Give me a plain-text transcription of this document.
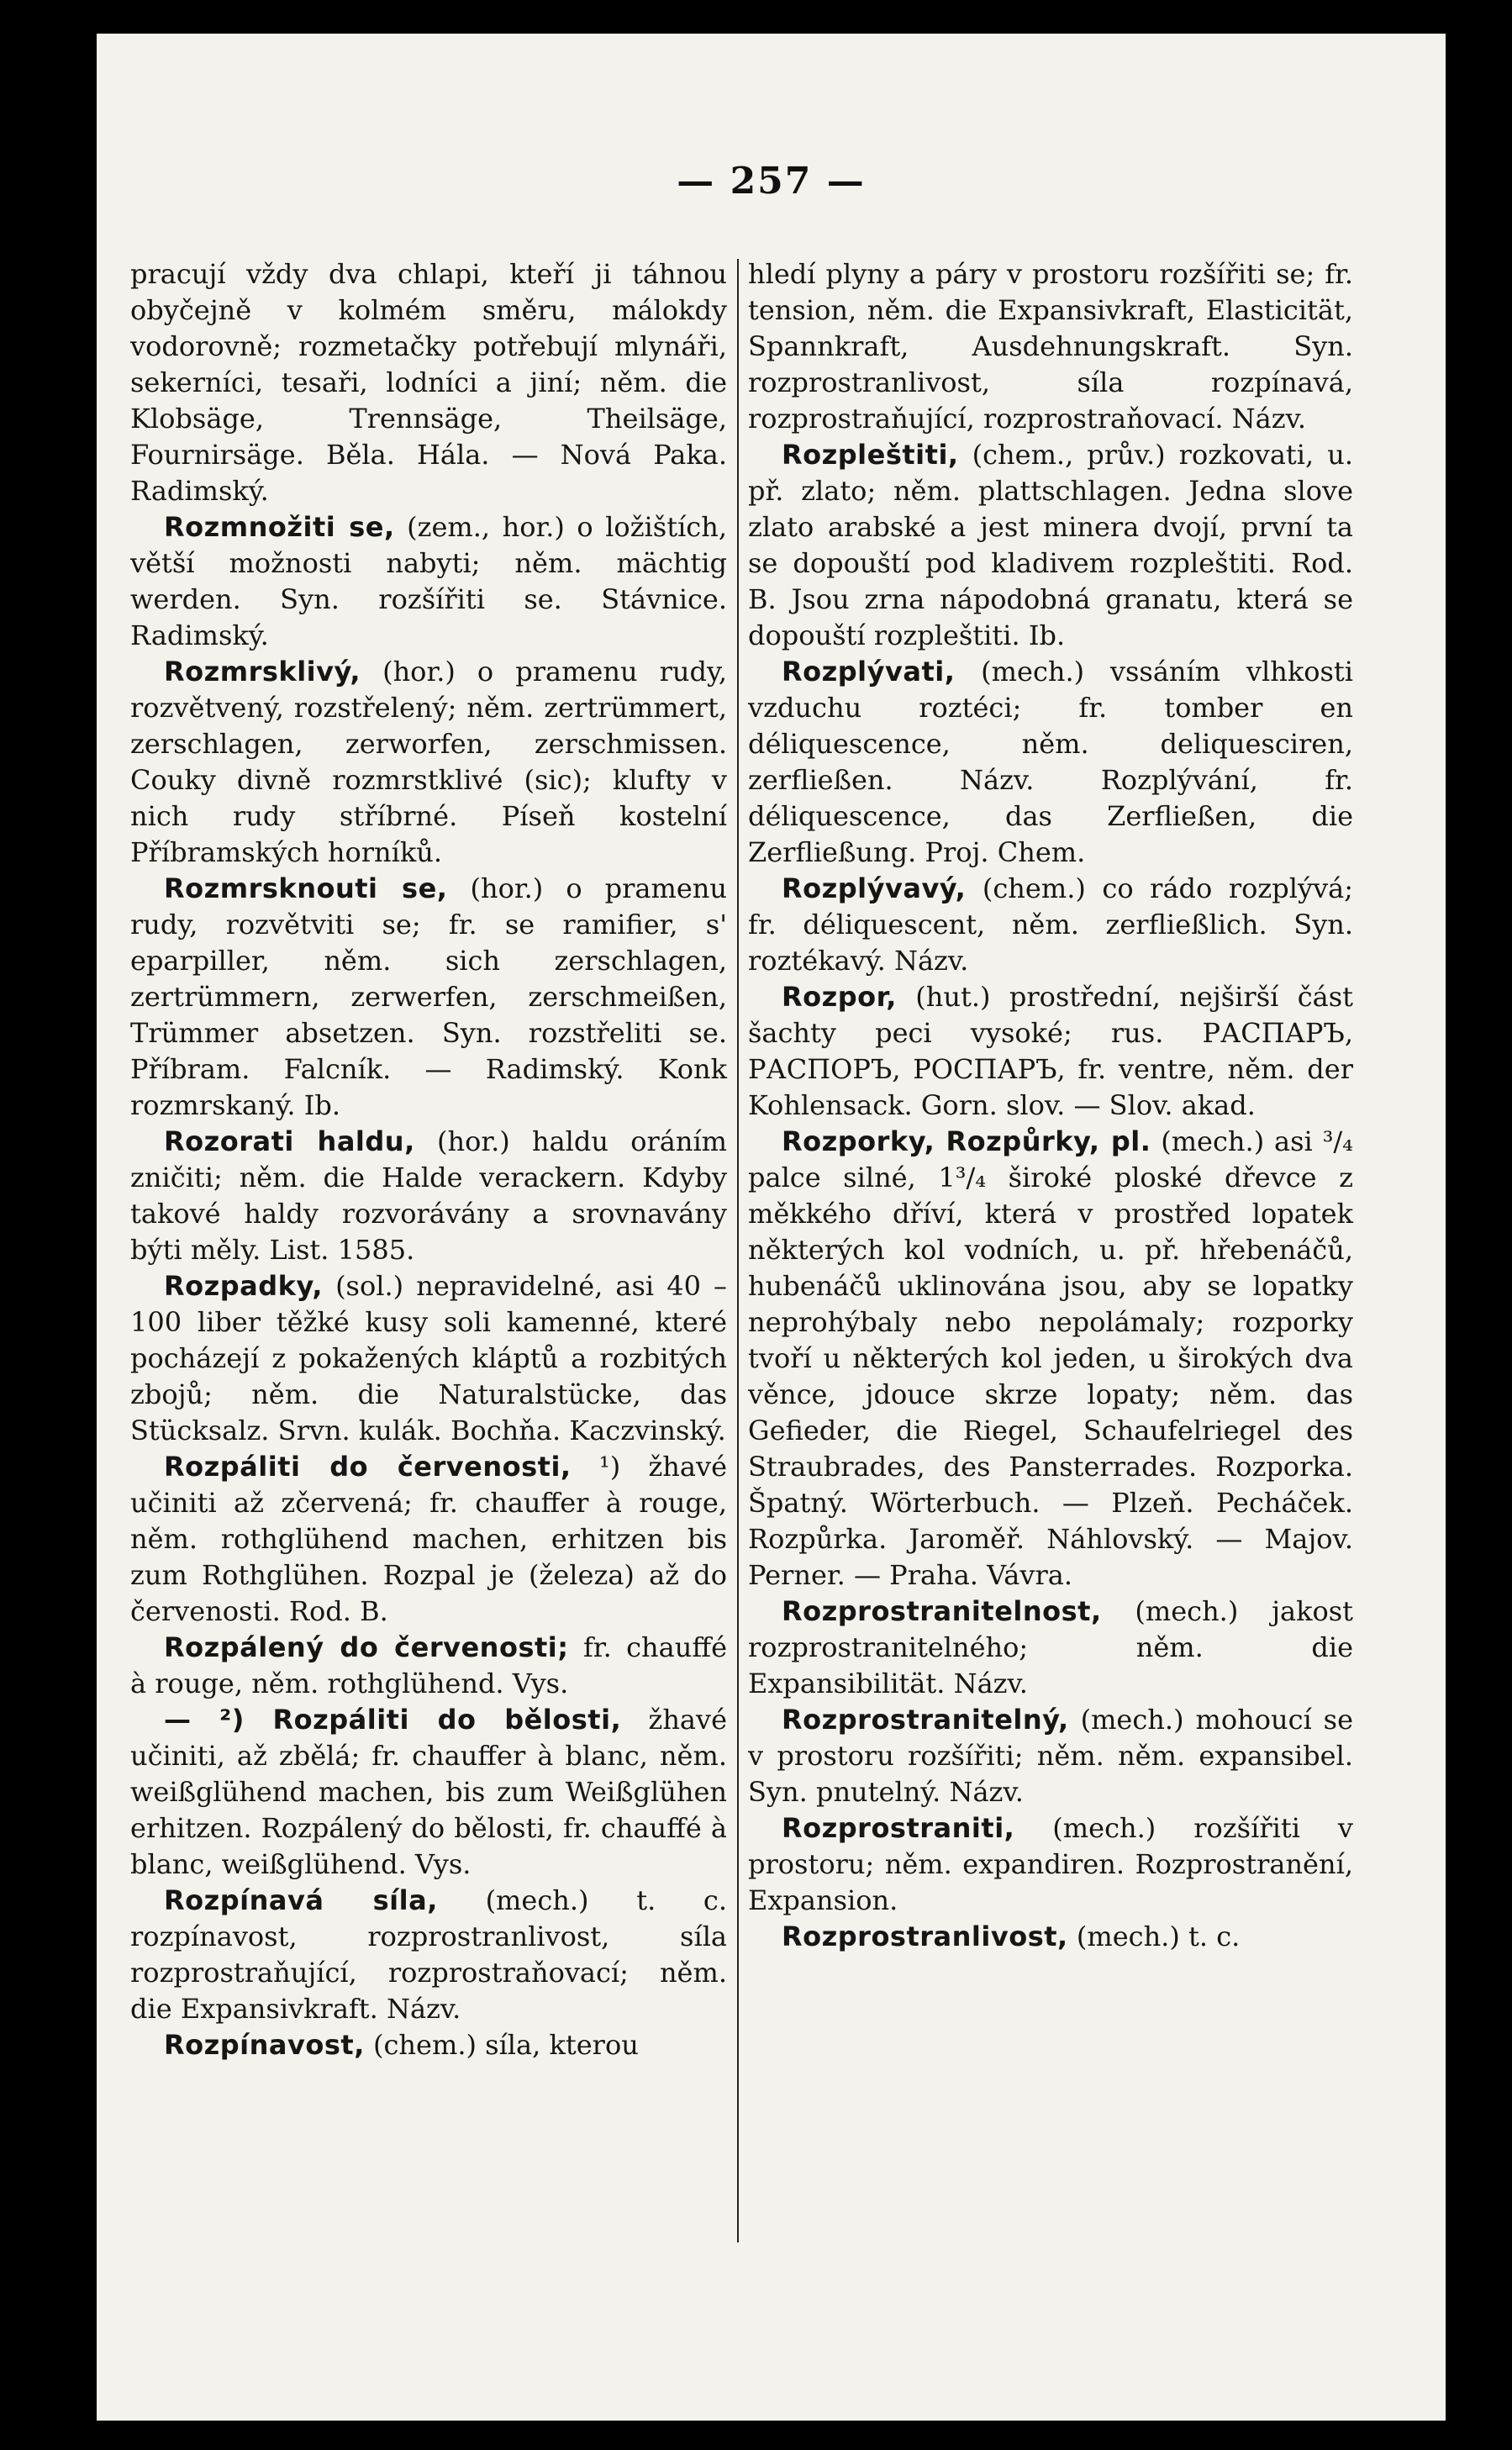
— 257 —

pracují vždy dva chlapi, kteří ji táhnou obyčejně v kolmém směru, málokdy vodorovně; rozmetačky potřebují mlynáři, sekerníci, tesaři, lodníci a jiní; něm. die Klobsäge, Trennsäge, Theilsäge, Fournirsäge. Běla. Hála. — Nová Paka. Radimský.

Rozmnožiti se, (zem., hor.) o ložištích, větší možnosti nabyti; něm. mächtig werden. Syn. rozšířiti se. Stávnice. Radimský.

Rozmrsklivý, (hor.) o pramenu rudy, rozvětvený, rozstřelený; něm. zertrümmert, zerschlagen, zerworfen, zerschmissen. Couky divně rozmrstklivé (sic); klufty v nich rudy stříbrné. Píseň kostelní Příbramských horníků.

Rozmrsknouti se, (hor.) o pramenu rudy, rozvětviti se; fr. se ramifier, s' eparpiller, něm. sich zerschlagen, zertrümmern, zerwerfen, zerschmeißen, Trümmer absetzen. Syn. rozstřeliti se. Příbram. Falcník. — Radimský. Konk rozmrskaný. Ib.

Rozorati haldu, (hor.) haldu oráním zničiti; něm. die Halde verackern. Kdyby takové haldy rozvorávány a srovnavány býti měly. List. 1585.

Rozpadky, (sol.) nepravidelné, asi 40 – 100 liber těžké kusy soli kamenné, které pocházejí z pokažených kláptů a rozbitých zbojů; něm. die Naturalstücke, das Stücksalz. Srvn. kulák. Bochňa. Kaczvinský.

Rozpáliti do červenosti, ¹) žhavé učiniti až zčervená; fr. chauffer à rouge, něm. rothglühend machen, erhitzen bis zum Rothglühen. Rozpal je (železa) až do červenosti. Rod. B.

Rozpálený do červenosti; fr. chauffé à rouge, něm. rothglühend. Vys.

— ²) Rozpáliti do bělosti, žhavé učiniti, až zbělá; fr. chauffer à blanc, něm. weißglühend machen, bis zum Weißglühen erhitzen. Rozpálený do bělosti, fr. chauffé à blanc, weißglühend. Vys.

Rozpínavá síla, (mech.) t. c. rozpínavost, rozprostranlivost, síla rozprostraňující, rozprostraňovací; něm. die Expansivkraft. Názv.

Rozpínavost, (chem.) síla, kterou

hledí plyny a páry v prostoru rozšířiti se; fr. tension, něm. die Expansivkraft, Elasticität, Spannkraft, Ausdehnungskraft. Syn. rozprostranlivost, síla rozpínavá, rozprostraňující, rozprostraňovací. Názv.

Rozpleštiti, (chem., prův.) rozkovati, u. př. zlato; něm. plattschlagen. Jedna slove zlato arabské a jest minera dvojí, první ta se dopouští pod kladivem rozpleštiti. Rod. B. Jsou zrna nápodobná granatu, která se dopouští rozpleštiti. Ib.

Rozplývati, (mech.) vssáním vlhkosti vzduchu roztéci; fr. tomber en déliquescence, něm. deliquesciren, zerfließen. Názv. Rozplývání, fr. déliquescence, das Zerfließen, die Zerfließung. Proj. Chem.

Rozplývavý, (chem.) co rádo rozplývá; fr. déliquescent, něm. zerfließlich. Syn. roztékavý. Názv.

Rozpor, (hut.) prostřední, nejširší část šachty peci vysoké; rus. РАСПАРЪ, РАСПОРЪ, РОСПАРЪ, fr. ventre, něm. der Kohlensack. Gorn. slov. — Slov. akad.

Rozporky, Rozpůrky, pl. (mech.) asi ³/₄ palce silné, 1³/₄ široké ploské dřevce z měkkého dříví, která v prostřed lopatek některých kol vodních, u. př. hřebenáčů, hubenáčů uklinována jsou, aby se lopatky neprohýbaly nebo nepolámaly; rozporky tvoří u některých kol jeden, u širokých dva věnce, jdouce skrze lopaty; něm. das Gefieder, die Riegel, Schaufelriegel des Straubrades, des Pansterrades. Rozporka. Špatný. Wörterbuch. — Plzeň. Pecháček. Rozpůrka. Jaroměř. Náhlovský. — Majov. Perner. — Praha. Vávra.

Rozprostranitelnost, (mech.) jakost rozprostranitelného; něm. die Expansibilität. Názv.

Rozprostranitelný, (mech.) mohoucí se v prostoru rozšířiti; něm. něm. expansibel. Syn. pnutelný. Názv.

Rozprostraniti, (mech.) rozšířiti v prostoru; něm. expandiren. Rozprostranění, Expansion.

Rozprostranlivost, (mech.) t. c.
